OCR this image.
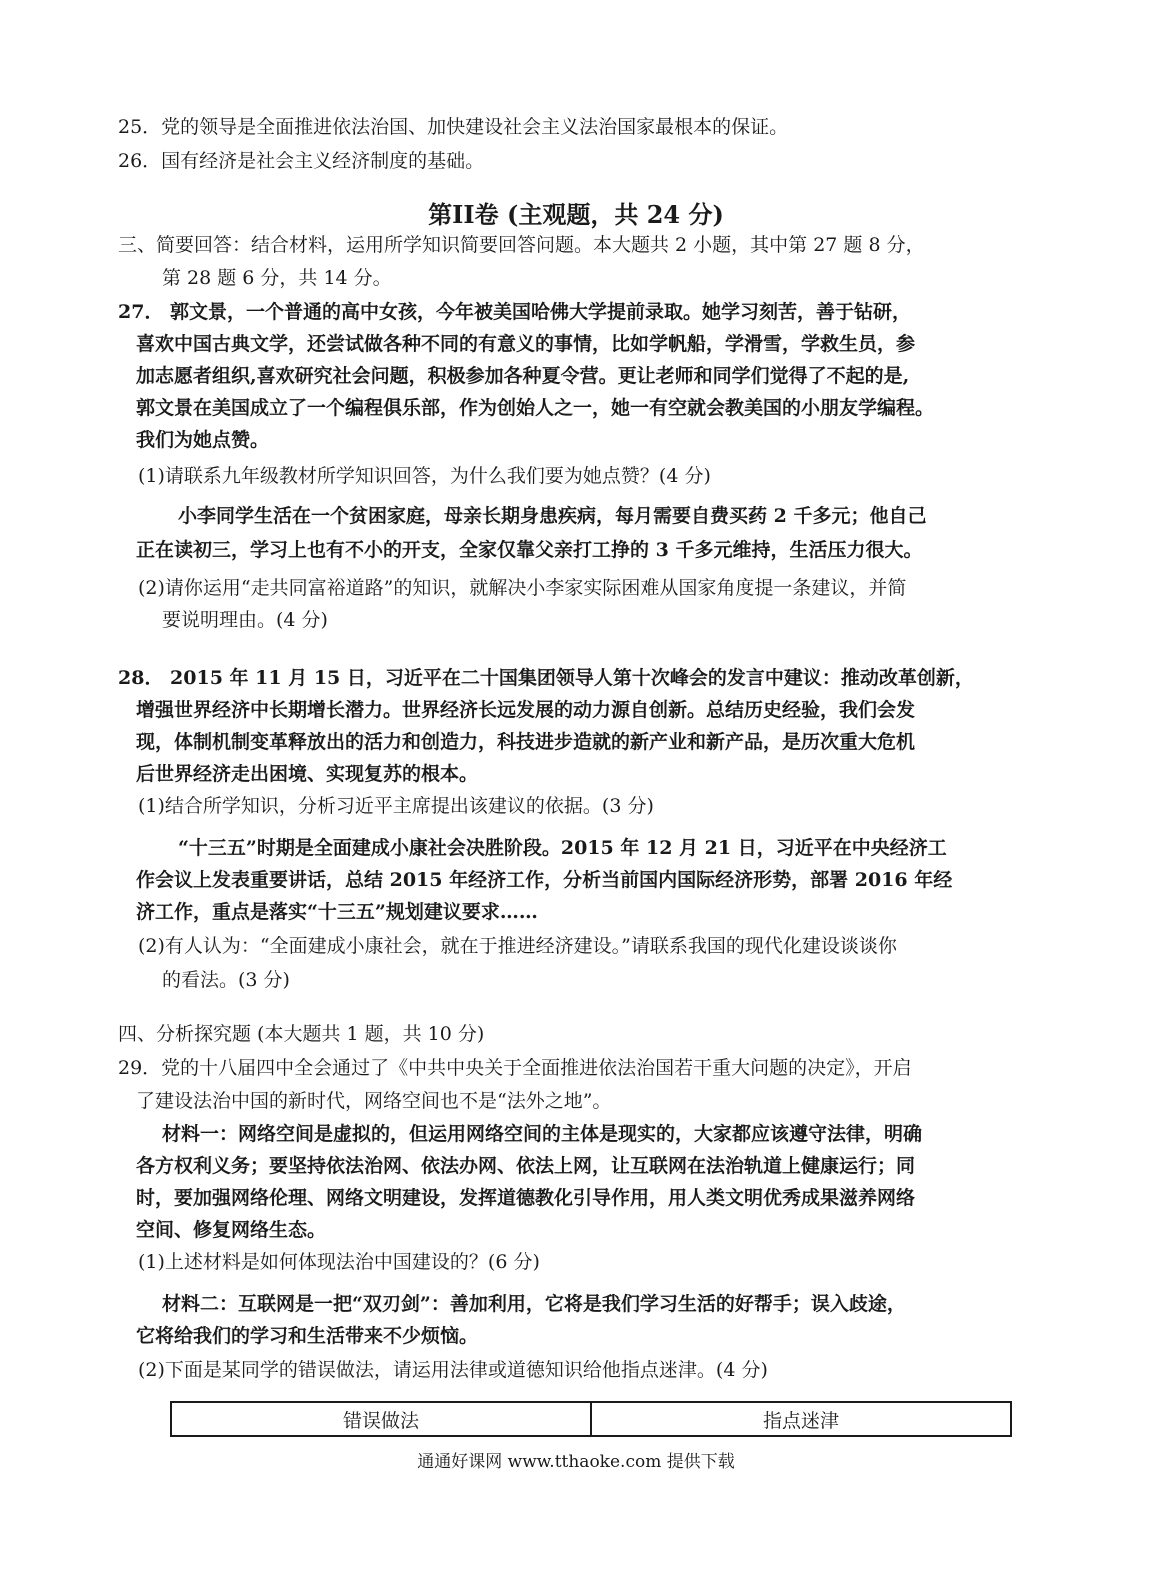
25．党的领导是全面推进依法治国、加快建设社会主义法治国家最根本的保证。
26．国有经济是社会主义经济制度的基础。
三、简要回答：结合材料，运用所学知识简要回答问题。本大题共 2 小题，其中第 27 题 8 分，
第 28 题 6 分，共 14 分。
27． 郭文景，一个普通的高中女孩，今年被美国哈佛大学提前录取。她学习刻苦，善于钻研，
喜欢中国古典文学，还尝试做各种不同的有意义的事情，比如学帆船，学滑雪，学救生员，参
加志愿者组织,喜欢研究社会问题，积极参加各种夏令营。更让老师和同学们觉得了不起的是,
郭文景在美国成立了一个编程俱乐部，作为创始人之一，她一有空就会教美国的小朋友学编程。
我们为她点赞。
(1)请联系九年级教材所学知识回答，为什么我们要为她点赞？(4 分)
小李同学生活在一个贫困家庭，母亲长期身患疾病，每月需要自费买药 2 千多元；他自己
正在读初三，学习上也有不小的开支，全家仅靠父亲打工挣的 3 千多元维持，生活压力很大。
(2)请你运用“走共同富裕道路”的知识，就解决小李家实际困难从国家角度提一条建议，并简
要说明理由。(4 分)
28． 2015 年 11 月 15 日，习近平在二十国集团领导人第十次峰会的发言中建议：推动改革创新，
增强世界经济中长期增长潜力。世界经济长远发展的动力源自创新。总结历史经验，我们会发
现，体制机制变革释放出的活力和创造力，科技进步造就的新产业和新产品，是历次重大危机
后世界经济走出困境、实现复苏的根本。
(1)结合所学知识，分析习近平主席提出该建议的依据。(3 分)
“十三五”时期是全面建成小康社会决胜阶段。2015 年 12 月 21 日，习近平在中央经济工
作会议上发表重要讲话，总结 2015 年经济工作，分析当前国内国际经济形势，部署 2016 年经
济工作，重点是落实“十三五”规划建议要求……
(2)有人认为：“全面建成小康社会，就在于推进经济建设。”请联系我国的现代化建设谈谈你
的看法。(3 分)
四、分析探究题 (本大题共 1 题，共 10 分)
29．党的十八届四中全会通过了《中共中央关于全面推进依法治国若干重大问题的决定》，开启
了建设法治中国的新时代，网络空间也不是“法外之地”。
材料一：网络空间是虚拟的，但运用网络空间的主体是现实的，大家都应该遵守法律，明确
各方权利义务；要坚持依法治网、依法办网、依法上网，让互联网在法治轨道上健康运行；同
时，要加强网络伦理、网络文明建设，发挥道德教化引导作用，用人类文明优秀成果滋养网络
空间、修复网络生态。
(1)上述材料是如何体现法治中国建设的？(6 分)
材料二：互联网是一把“双刃剑”：善加利用，它将是我们学习生活的好帮手；误入歧途，
它将给我们的学习和生活带来不少烦恼。
(2)下面是某同学的错误做法，请运用法律或道德知识给他指点迷津。(4 分)
第II卷 (主观题，共 24 分)
错误做法	指点迷津
通通好课网 www.tthaoke.com 提供下载
